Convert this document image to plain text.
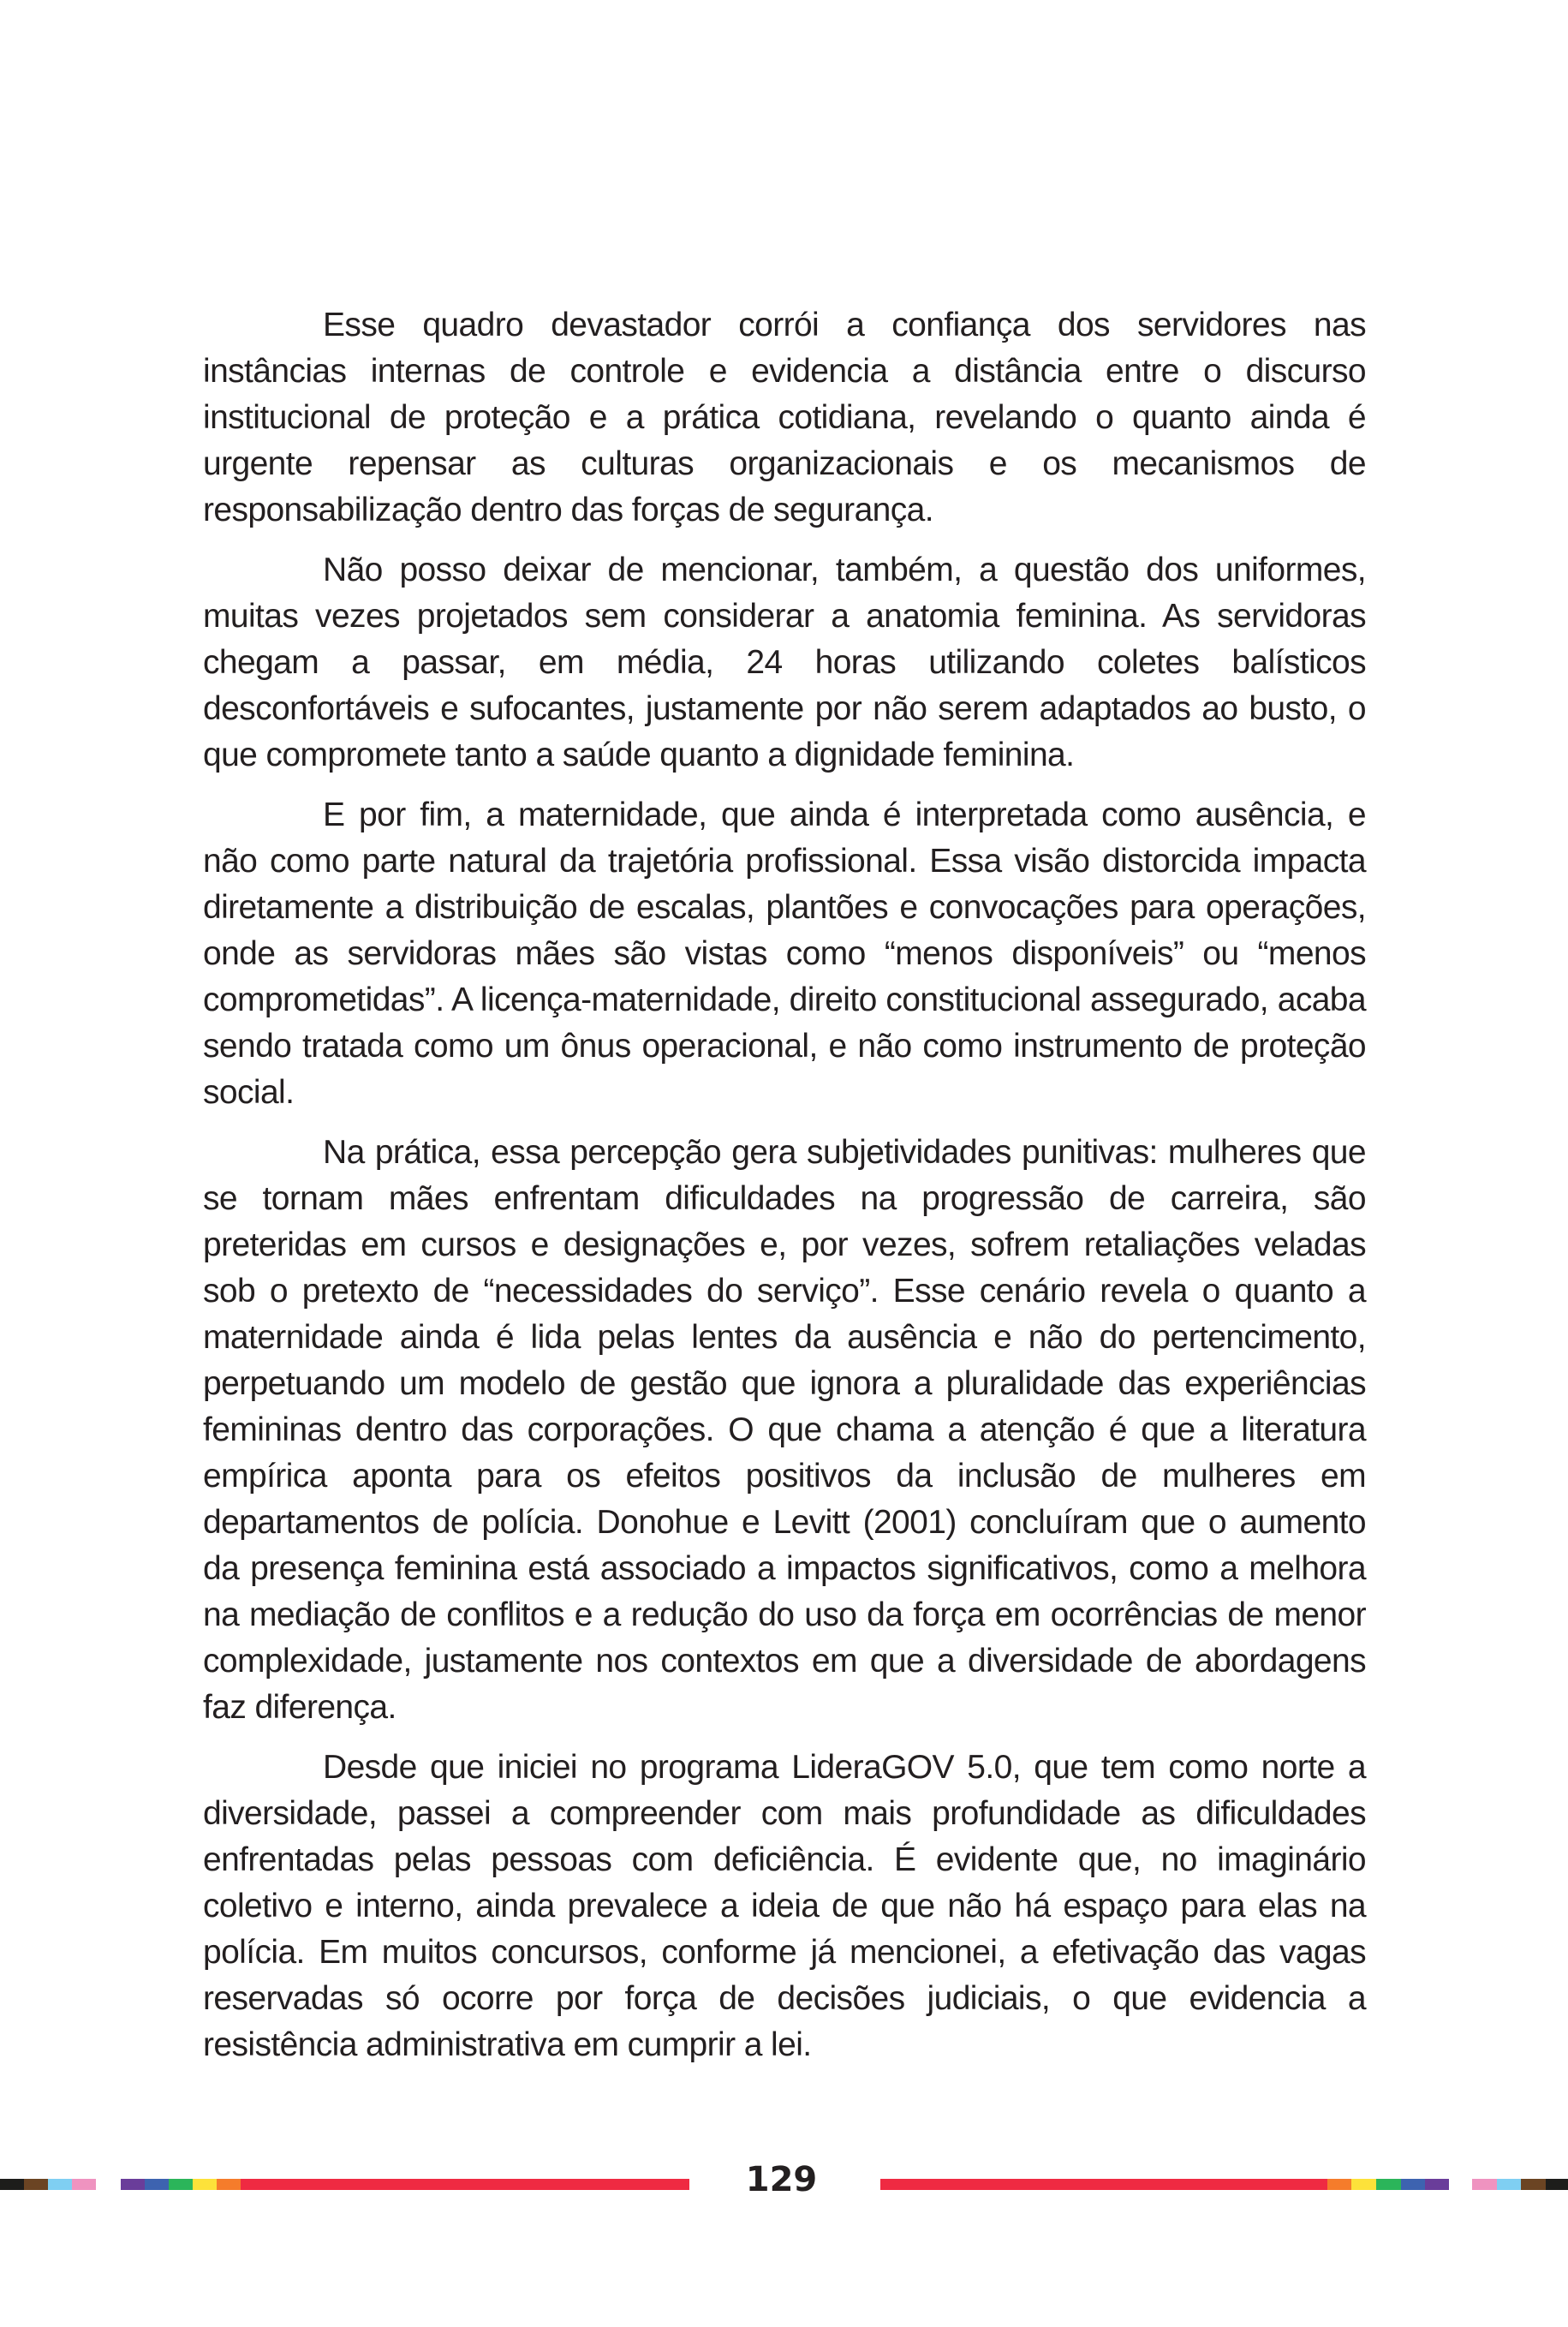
Esse quadro devastador corrói a confiança dos servidores nas instâncias internas de controle e evidencia a distância entre o discurso institucional de proteção e a prática cotidiana, revelando o quanto ainda é urgente repensar as culturas organizacionais e os mecanismos de responsabilização dentro das forças de segurança.

Não posso deixar de mencionar, também, a questão dos uniformes, muitas vezes projetados sem considerar a anatomia feminina. As servidoras chegam a passar, em média, 24 horas utilizando coletes balísticos desconfortáveis e sufocantes, justamente por não serem adaptados ao busto, o que compromete tanto a saúde quanto a dignidade feminina.

E por fim, a maternidade, que ainda é interpretada como ausência, e não como parte natural da trajetória profissional. Essa visão distorcida impacta diretamente a distribuição de escalas, plantões e convocações para operações, onde as servidoras mães são vistas como “menos disponíveis” ou “menos comprometidas”. A licença-maternidade, direito constitucional assegurado, acaba sendo tratada como um ônus operacional, e não como instrumento de proteção social.

Na prática, essa percepção gera subjetividades punitivas: mulheres que se tornam mães enfrentam dificuldades na progressão de carreira, são preteridas em cursos e designações e, por vezes, sofrem retaliações veladas sob o pretexto de “necessidades do serviço”. Esse cenário revela o quanto a maternidade ainda é lida pelas lentes da ausência e não do pertencimento, perpetuando um modelo de gestão que ignora a pluralidade das experiências femininas dentro das corporações. O que chama a atenção é que a literatura empírica aponta para os efeitos positivos da inclusão de mulheres em departamentos de polícia. Donohue e Levitt (2001) concluíram que o aumento da presença feminina está associado a impactos significativos, como a melhora na mediação de conflitos e a redução do uso da força em ocorrências de menor complexidade, justamente nos contextos em que a diversidade de abordagens faz diferença.

Desde que iniciei no programa LideraGOV 5.0, que tem como norte a diversidade, passei a compreender com mais profundidade as dificuldades enfrentadas pelas pessoas com deficiência. É evidente que, no imaginário coletivo e interno, ainda prevalece a ideia de que não há espaço para elas na polícia. Em muitos concursos, conforme já mencionei, a efetivação das vagas reservadas só ocorre por força de decisões judiciais, o que evidencia a resistência administrativa em cumprir a lei.

129
